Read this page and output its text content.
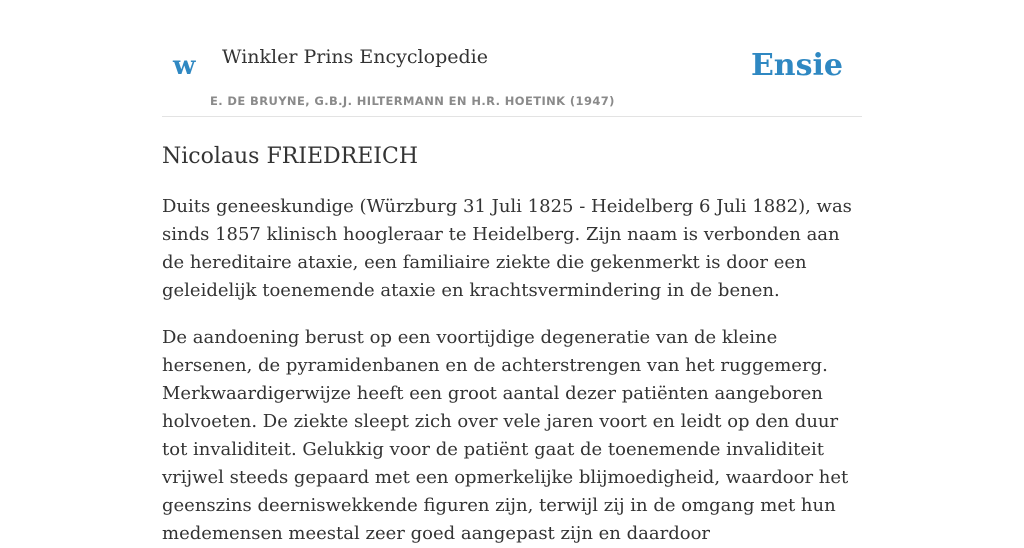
w Winkler Prins Encyclopedie
E. DE BRUYNE, G.B.J. HILTERMANN EN H.R. HOETINK (1947)
Ensie
Nicolaus FRIEDREICH

Duits geneeskundige (Würzburg 31 Juli 1825 - Heidelberg 6 Juli 1882), was sinds 1857 klinisch hoogleraar te Heidelberg. Zijn naam is verbonden aan de hereditaire ataxie, een familiaire ziekte die gekenmerkt is door een geleidelijk toenemende ataxie en krachtsvermindering in de benen.

De aandoening berust op een voortijdige degeneratie van de kleine hersenen, de pyramidenbanen en de achterstrengen van het ruggemerg. Merkwaardigerwijze heeft een groot aantal dezer patiënten aangeboren holvoeten. De ziekte sleept zich over vele jaren voort en leidt op den duur tot invaliditeit. Gelukkig voor de patiënt gaat de toenemende invaliditeit vrijwel steeds gepaard met een opmerkelijke blijmoedigheid, waardoor het geenszins deerniswekkende figuren zijn, terwijl zij in de omgang met hun medemensen meestal zeer goed aangepast zijn en daardoor
